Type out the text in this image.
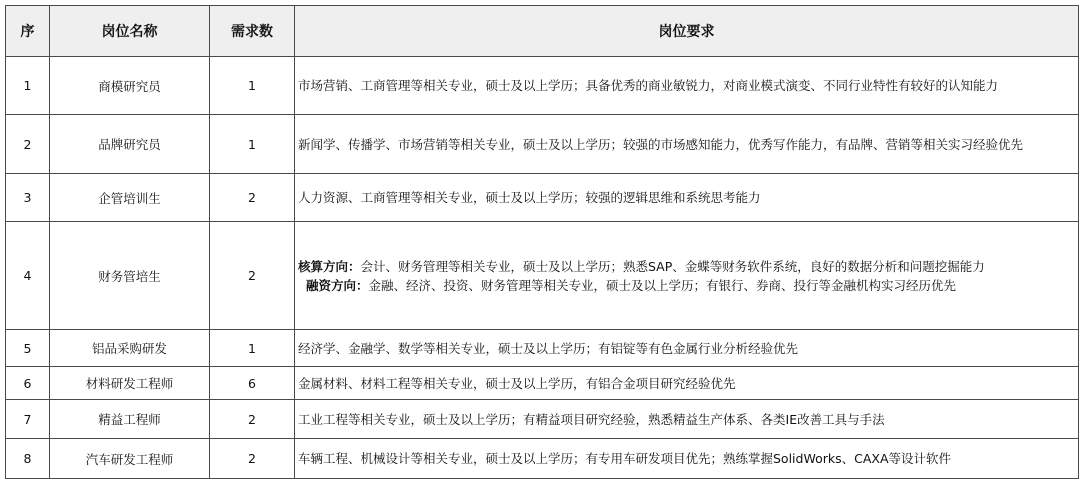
序	岗位名称	需求数	岗位要求
1	商模研究员	1	市场营销、工商管理等相关专业，硕士及以上学历；具备优秀的商业敏锐力，对商业模式演变、不同行业特性有较好的认知能力
2	品牌研究员	1	新闻学、传播学、市场营销等相关专业，硕士及以上学历；较强的市场感知能力，优秀写作能力，有品牌、营销等相关实习经验优先
3	企管培训生	2	人力资源、工商管理等相关专业，硕士及以上学历；较强的逻辑思维和系统思考能力
4	财务管培生	2	核算方向：会计、财务管理等相关专业，硕士及以上学历；熟悉SAP、金蝶等财务软件系统，良好的数据分析和问题挖掘能力
融资方向：金融、经济、投资、财务管理等相关专业，硕士及以上学历；有银行、券商、投行等金融机构实习经历优先

5	铝品采购研发	1	经济学、金融学、数学等相关专业，硕士及以上学历；有铝锭等有色金属行业分析经验优先
6	材料研发工程师	6	金属材料、材料工程等相关专业，硕士及以上学历，有铝合金项目研究经验优先
7	精益工程师	2	工业工程等相关专业，硕士及以上学历；有精益项目研究经验，熟悉精益生产体系、各类IE改善工具与手法
8	汽车研发工程师	2	车辆工程、机械设计等相关专业，硕士及以上学历；有专用车研发项目优先；熟练掌握SolidWorks、CAXA等设计软件
